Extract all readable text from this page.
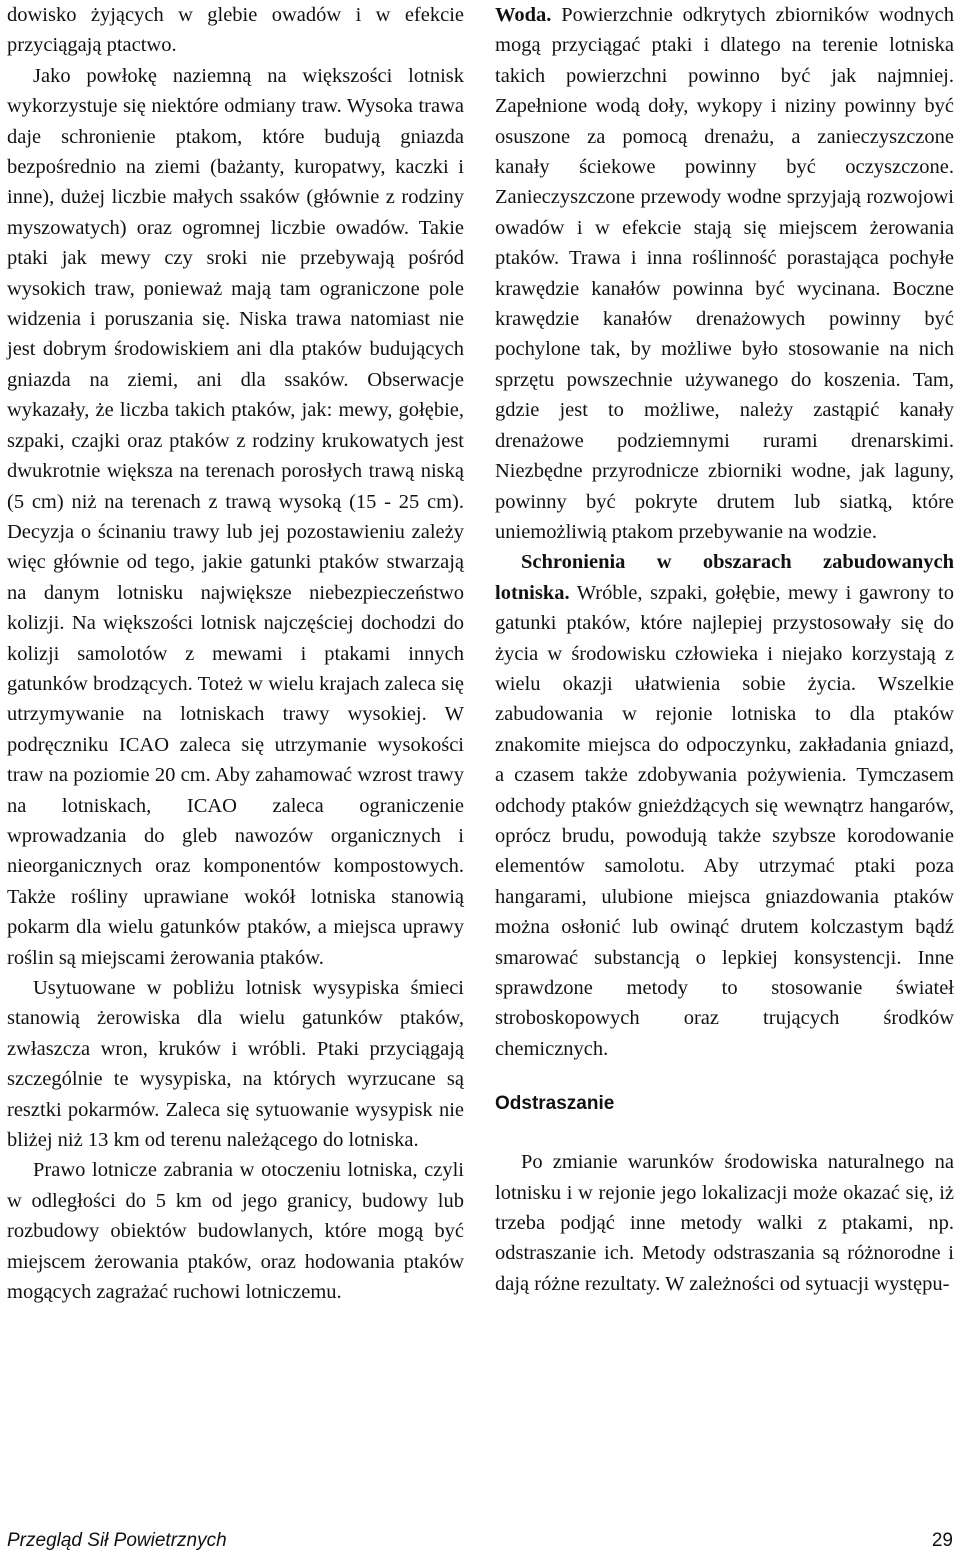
dowisko żyjących w glebie owadów i w efekcie przyciągają ptactwo.

Jako powłokę naziemną na większości lotnisk wykorzystuje się niektóre odmiany traw. Wysoka trawa daje schronienie ptakom, które budują gniazda bezpośrednio na ziemi (bażanty, kuropatwy, kaczki i inne), dużej liczbie małych ssaków (głównie z rodziny myszowatych) oraz ogromnej liczbie owadów. Takie ptaki jak mewy czy sroki nie przebywają pośród wysokich traw, ponieważ mają tam ograniczone pole widzenia i poruszania się. Niska trawa natomiast nie jest dobrym środowiskiem ani dla ptaków budujących gniazda na ziemi, ani dla ssaków. Obserwacje wykazały, że liczba takich ptaków, jak: mewy, gołębie, szpaki, czajki oraz ptaków z rodziny krukowatych jest dwukrotnie większa na terenach porosłych trawą niską (5 cm) niż na terenach z trawą wysoką (15 - 25 cm). Decyzja o ścinaniu trawy lub jej pozostawieniu zależy więc głównie od tego, jakie gatunki ptaków stwarzają na danym lotnisku największe niebezpieczeństwo kolizji. Na większości lotnisk najczęściej dochodzi do kolizji samolotów z mewami i ptakami innych gatunków brodzących. Toteż w wielu krajach zaleca się utrzymywanie na lotniskach trawy wysokiej. W podręczniku ICAO zaleca się utrzymanie wysokości traw na poziomie 20 cm. Aby zahamować wzrost trawy na lotniskach, ICAO zaleca ograniczenie wprowadzania do gleb nawozów organicznych i nieorganicznych oraz komponentów kompostowych. Także rośliny uprawiane wokół lotniska stanowią pokarm dla wielu gatunków ptaków, a miejsca uprawy roślin są miejscami żerowania ptaków.

Usytuowane w pobliżu lotnisk wysypiska śmieci stanowią żerowiska dla wielu gatunków ptaków, zwłaszcza wron, kruków i wróbli. Ptaki przyciągają szczególnie te wysypiska, na których wyrzucane są resztki pokarmów. Zaleca się sytuowanie wysypisk nie bliżej niż 13 km od terenu należącego do lotniska.

Prawo lotnicze zabrania w otoczeniu lotniska, czyli w odległości do 5 km od jego granicy, budowy lub rozbudowy obiektów budowlanych, które mogą być miejscem żerowania ptaków, oraz hodowania ptaków mogących zagrażać ruchowi lotniczemu.

Woda. Powierzchnie odkrytych zbiorników wodnych mogą przyciągać ptaki i dlatego na terenie lotniska takich powierzchni powinno być jak najmniej. Zapełnione wodą doły, wykopy i niziny powinny być osuszone za pomocą drenażu, a zanieczyszczone kanały ściekowe powinny być oczyszczone. Zanieczyszczone przewody wodne sprzyjają rozwojowi owadów i w efekcie stają się miejscem żerowania ptaków. Trawa i inna roślinność porastająca pochyłe krawędzie kanałów powinna być wycinana. Boczne krawędzie kanałów drenażowych powinny być pochylone tak, by możliwe było stosowanie na nich sprzętu powszechnie używanego do koszenia. Tam, gdzie jest to możliwe, należy zastąpić kanały drenażowe podziemnymi rurami drenarskimi. Niezbędne przyrodnicze zbiorniki wodne, jak laguny, powinny być pokryte drutem lub siatką, które uniemożliwią ptakom przebywanie na wodzie.

Schronienia w obszarach zabudowanych lotniska. Wróble, szpaki, gołębie, mewy i gawrony to gatunki ptaków, które najlepiej przystosowały się do życia w środowisku człowieka i niejako korzystają z wielu okazji ułatwienia sobie życia. Wszelkie zabudowania w rejonie lotniska to dla ptaków znakomite miejsca do odpoczynku, zakładania gniazd, a czasem także zdobywania pożywienia. Tymczasem odchody ptaków gnieżdżących się wewnątrz hangarów, oprócz brudu, powodują także szybsze korodowanie elementów samolotu. Aby utrzymać ptaki poza hangarami, ulubione miejsca gniazdowania ptaków można osłonić lub owinąć drutem kolczastym bądź smarować substancją o lepkiej konsystencji. Inne sprawdzone metody to stosowanie świateł stroboskopowych oraz trujących środków chemicznych.

Odstraszanie

Po zmianie warunków środowiska naturalnego na lotnisku i w rejonie jego lokalizacji może okazać się, iż trzeba podjąć inne metody walki z ptakami, np. odstraszanie ich. Metody odstraszania są różnorodne i dają różne rezultaty. W zależności od sytuacji występu-

Przegląd Sił Powietrznych	29
